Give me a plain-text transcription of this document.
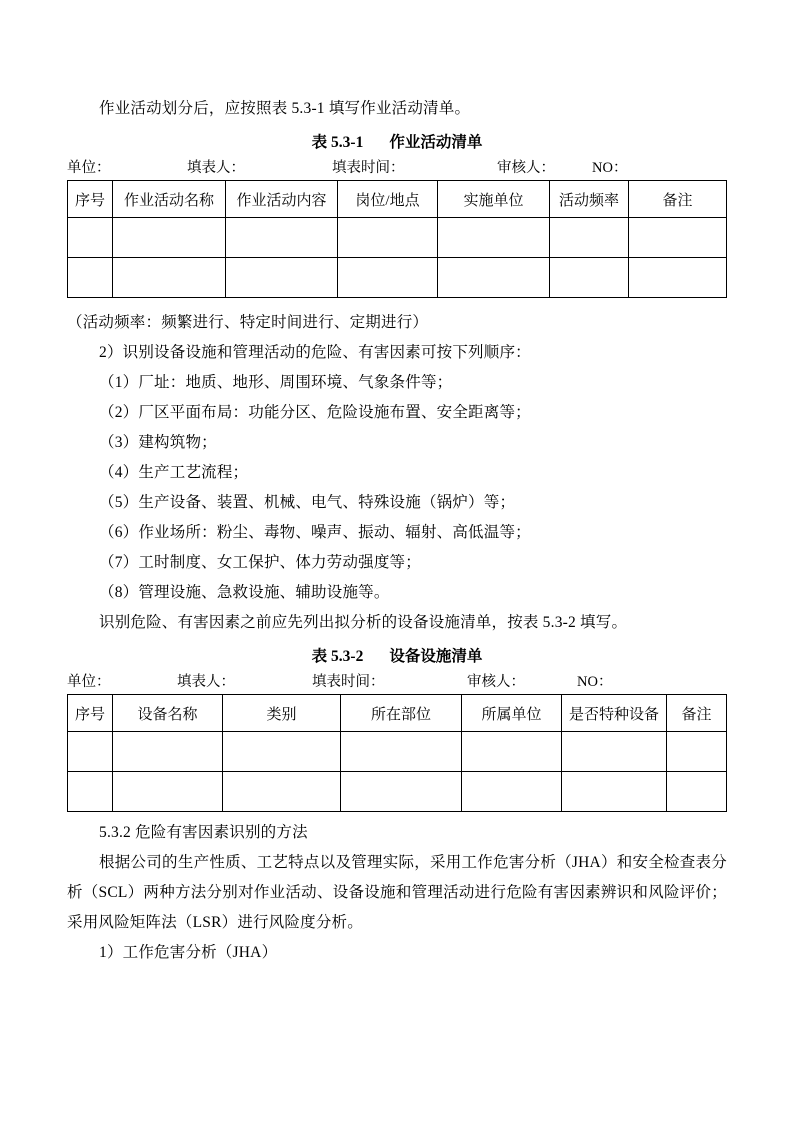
作业活动划分后，应按照表 5.3-1 填写作业活动清单。

表 5.3-1 作业活动清单

单位：	填表人：	填表时间：	审核人：	NO：
序号	作业活动名称	作业活动内容	岗位/地点	实施单位	活动频率	备注

（活动频率：频繁进行、特定时间进行、定期进行）

2）识别设备设施和管理活动的危险、有害因素可按下列顺序：

（1）厂址：地质、地形、周围环境、气象条件等；

（2）厂区平面布局：功能分区、危险设施布置、安全距离等；

（3）建构筑物；

（4）生产工艺流程；

（5）生产设备、装置、机械、电气、特殊设施（锅炉）等；

（6）作业场所：粉尘、毒物、噪声、振动、辐射、高低温等；

（7）工时制度、女工保护、体力劳动强度等；

（8）管理设施、急救设施、辅助设施等。

识别危险、有害因素之前应先列出拟分析的设备设施清单，按表 5.3-2 填写。

表 5.3-2 设备设施清单

单位：	填表人：	填表时间：	审核人：	NO：
序号	设备名称	类别	所在部位	所属单位	是否特种设备	备注

5.3.2 危险有害因素识别的方法

根据公司的生产性质、工艺特点以及管理实际，采用工作危害分析（JHA）和安全检查表分析（SCL）两种方法分别对作业活动、设备设施和管理活动进行危险有害因素辨识和风险评价；采用风险矩阵法（LSR）进行风险度分析。

1）工作危害分析（JHA）
